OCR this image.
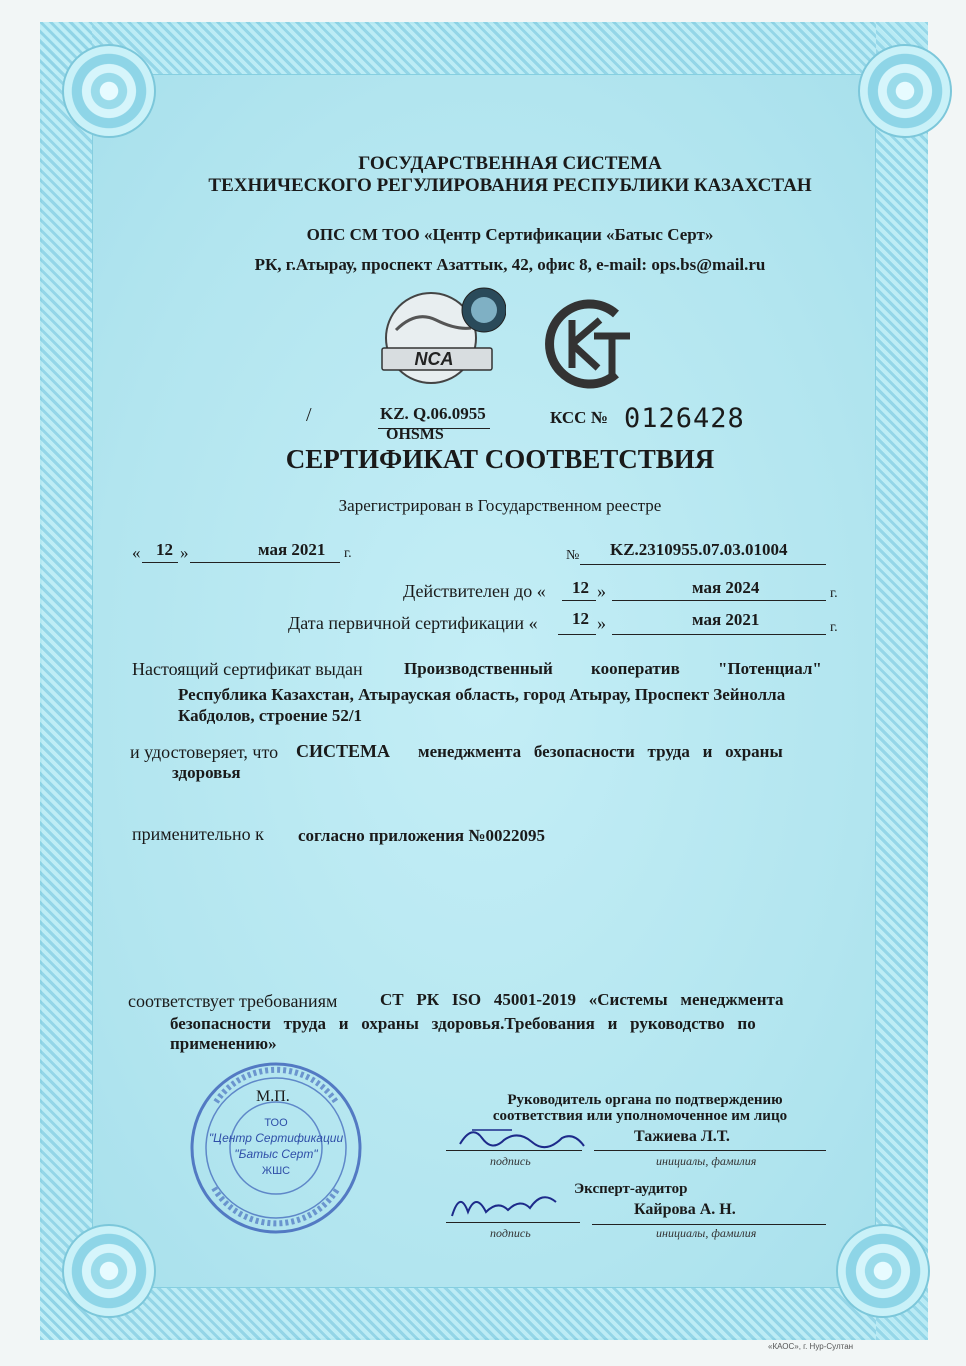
ГОСУДАРСТВЕННАЯ СИСТЕМА
ТЕХНИЧЕСКОГО РЕГУЛИРОВАНИЯ РЕСПУБЛИКИ КАЗАХСТАН
ОПС СМ ТОО «Центр Сертификации «Батыс Серт»
РК, г.Атырау, проспект Азаттык, 42, офис 8, e-mail: ops.bs@mail.ru
NCA
/	KZ. Q.06.0955
OHSMS
КСС № 0126428
СЕРТИФИКАТ СООТВЕТСТВИЯ
Зарегистрирован в Государственном реестре
« 12 »	мая 2021 г.	№ KZ.2310955.07.03.01004
Действителен до « 12 »	мая 2024	г.
Дата первичной сертификации « 12 »	мая 2021	г.
Настоящий сертификат выдан Производственный         кооператив         "Потенциал"
Республика Казахстан, Атырауская область, город Атырау, Проспект Зейнолла
Кабдолов, строение 52/1
и удостоверяет, что СИСТЕМА менеджмента   безопасности   труда   и   охраны
здоровья
применительно к согласно приложения №0022095
соответствует требованиям	СТ   РК   ISO   45001-2019   «Системы   менеджмента
безопасности   труда   и   охраны   здоровья.Требования   и   руководство   по
применению»
ТОО
"Центр Сертификации
"Батыс Серт"
ЖШС
М.П.	Руководитель органа по подтверждению
соответствия или уполномоченное им лицо
подпись
Тажиева Л.Т.
инициалы, фамилия
Эксперт-аудитор
подпись
Кайрова А. Н.
инициалы, фамилия
«КАОС», г. Нур-Султан
